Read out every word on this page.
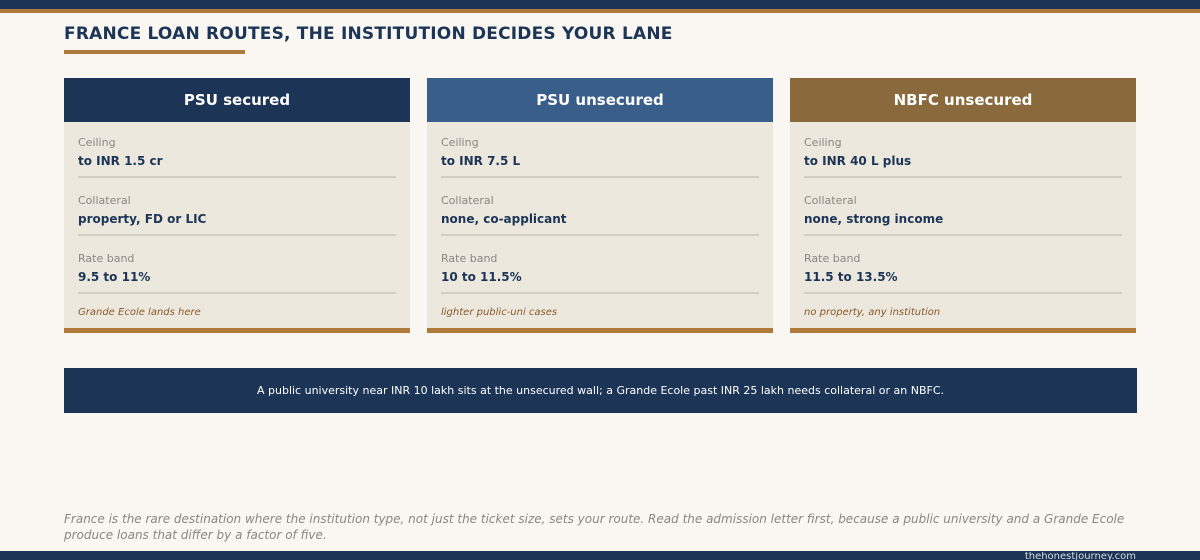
FRANCE LOAN ROUTES, THE INSTITUTION DECIDES YOUR LANE
PSU secured
Ceiling
to INR 1.5 cr
Collateral
property, FD or LIC
Rate band
9.5 to 11%
Grande Ecole lands here
PSU unsecured
Ceiling
to INR 7.5 L
Collateral
none, co-applicant
Rate band
10 to 11.5%
lighter public-uni cases
NBFC unsecured
Ceiling
to INR 40 L plus
Collateral
none, strong income
Rate band
11.5 to 13.5%
no property, any institution
A public university near INR 10 lakh sits at the unsecured wall; a Grande Ecole past INR 25 lakh needs collateral or an NBFC.
France is the rare destination where the institution type, not just the ticket size, sets your route. Read the admission letter first, because a public university and a Grande Ecole produce loans that differ by a factor of five.
thehonestjourney.com
